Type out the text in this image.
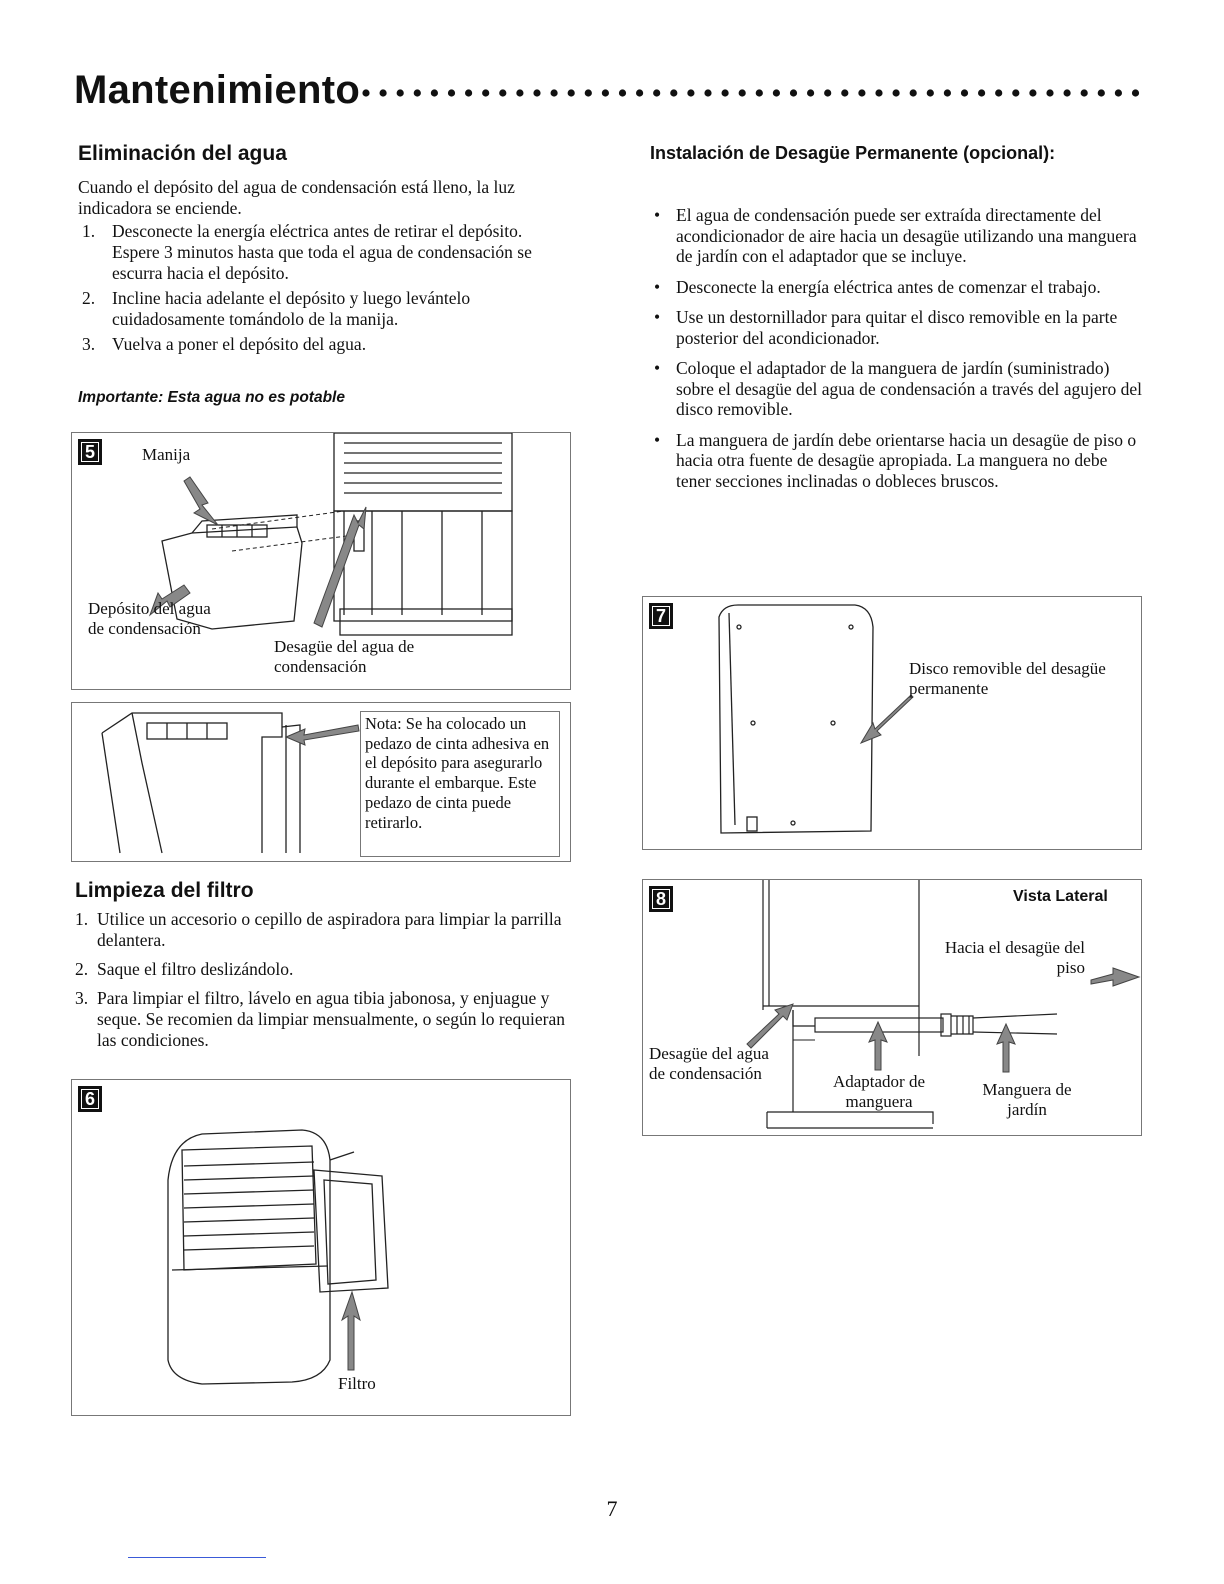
Mantenimiento
Eliminación del agua
Cuando el depósito del agua de condensación está lleno, la luz indicadora se enciende.
1. Desconecte la energía eléctrica antes de retirar el depósito. Espere 3 minutos hasta que toda el agua de condensación se escurra hacia el depósito.
2. Incline hacia adelante el depósito y luego levántelo cuidadosamente tomándolo de la manija.
3. Vuelva a poner el depósito del agua.
Importante: Esta agua no es potable
5	Manija
Depósito del agua de condensación
Desagüe del agua de condensación
Nota: Se ha colocado un pedazo de cinta adhesiva en el depósito para asegurarlo durante el embarque. Este pedazo de cinta puede retirarlo.
Limpieza del filtro
1. Utilice un accesorio o cepillo de aspiradora para limpiar la parrilla delantera.
2. Saque el filtro deslizándolo.
3. Para limpiar el filtro, lávelo en agua tibia jabonosa, y enjuague y seque. Se recomien da limpiar mensualmente, o según lo requieran las condiciones.
6
Filtro
Instalación de Desagüe Permanente (opcional):
• El agua de condensación puede ser extraída directamente del acondicionador de aire hacia un desagüe utilizando una manguera de jardín con el adaptador que se incluye.
• Desconecte la energía eléctrica antes de comenzar el trabajo.
• Use un destornillador para quitar el disco removible en la parte posterior del acondicionador.
• Coloque el adaptador de la manguera de jardín (suministrado) sobre el desagüe del agua de condensación a través del agujero del disco removible.
• La manguera de jardín debe orientarse hacia un desagüe de piso o hacia otra fuente de desagüe apropiada. La manguera no debe tener secciones inclinadas o dobleces bruscos.
7
Disco removible del desagüe permanente
8	Vista Lateral
Hacia el desagüe del piso
Desagüe del agua de condensación	Adaptador de manguera
Manguera de jardín
7
